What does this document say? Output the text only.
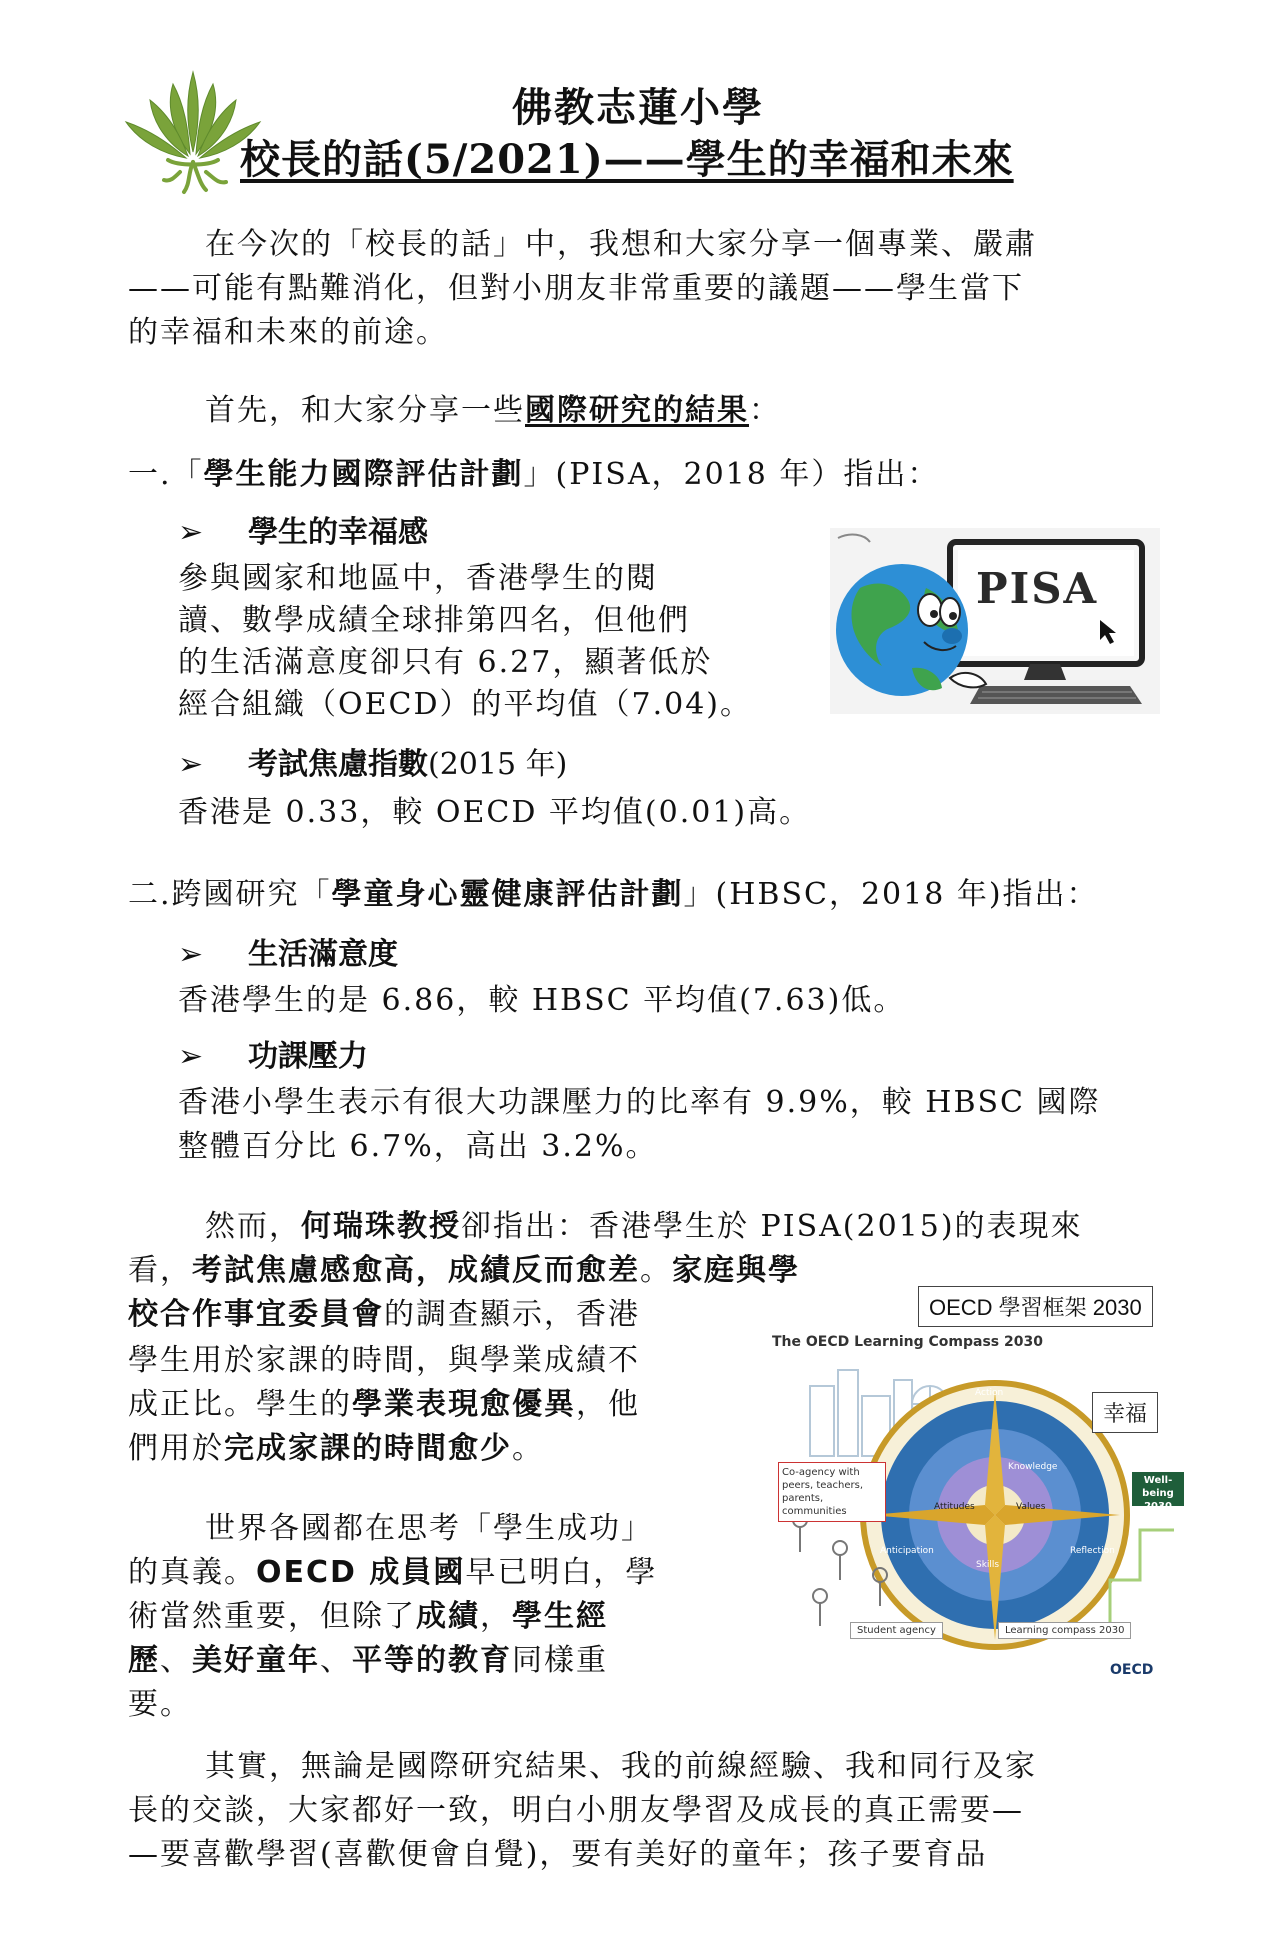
佛教志蓮小學
校長的話(5/2021)——學生的幸福和未來
在今次的「校長的話」中，我想和大家分享一個專業、嚴肅
——可能有點難消化，但對小朋友非常重要的議題——學生當下
的幸福和未來的前途。
首先，和大家分享一些國際研究的結果：
一.「學生能力國際評估計劃」(PISA，2018 年）指出：
➢ 學生的幸福感
參與國家和地區中，香港學生的閱
讀、數學成績全球排第四名，但他們
的生活滿意度卻只有 6.27，顯著低於
經合組織（OECD）的平均值（7.04)。
PISA
➢ 考試焦慮指數(2015 年)
香港是 0.33，較 OECD 平均值(0.01)高。
二.跨國研究「學童身心靈健康評估計劃」(HBSC，2018 年)指出：
➢ 生活滿意度
香港學生的是 6.86，較 HBSC 平均值(7.63)低。
➢ 功課壓力
香港小學生表示有很大功課壓力的比率有 9.9%，較 HBSC 國際
整體百分比 6.7%，高出 3.2%。
然而，何瑞珠教授卻指出：香港學生於 PISA(2015)的表現來
看，考試焦慮感愈高，成績反而愈差。家庭與學
校合作事宜委員會的調查顯示，香港
學生用於家課的時間，與學業成績不
成正比。學生的學業表現愈優異，他
們用於完成家課的時間愈少。
世界各國都在思考「學生成功」
的真義。OECD 成員國早已明白，學
術當然重要，但除了成績，學生經
歷、美好童年、平等的教育同樣重
要。
The OECD Learning Compass 2030
Co-agency with peers, teachers, parents, communities
Well-being 2030
Action
Anticipation	Reflection
Knowledge
Skills
Attitudes	Values
Student agency	Learning compass 2030
OECD
OECD 學習框架 2030
幸福
其實，無論是國際研究結果、我的前線經驗、我和同行及家
長的交談，大家都好一致，明白小朋友學習及成長的真正需要—
—要喜歡學習(喜歡便會自覺)，要有美好的童年；孩子要育品
